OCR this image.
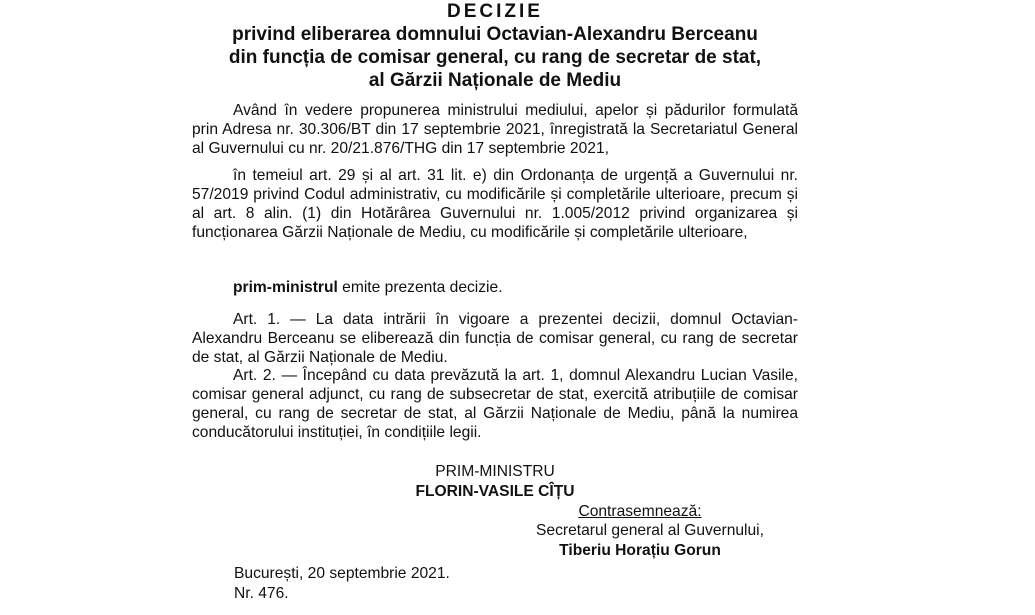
DECIZIE
privind eliberarea domnului Octavian-Alexandru Berceanu
din funcția de comisar general, cu rang de secretar de stat,
al Gărzii Naționale de Mediu
Având în vedere propunerea ministrului mediului, apelor și pădurilor formulată prin Adresa nr. 30.306/BT din 17 septembrie 2021, înregistrată la Secretariatul General al Guvernului cu nr. 20/21.876/THG din 17 septembrie 2021,
în temeiul art. 29 și al art. 31 lit. e) din Ordonanța de urgență a Guvernului nr. 57/2019 privind Codul administrativ, cu modificările și completările ulterioare, precum și al art. 8 alin. (1) din Hotărârea Guvernului nr. 1.005/2012 privind organizarea și funcționarea Gărzii Naționale de Mediu, cu modificările și completările ulterioare,
prim-ministrul emite prezenta decizie.
Art. 1. — La data intrării în vigoare a prezentei decizii, domnul Octavian-Alexandru Berceanu se eliberează din funcția de comisar general, cu rang de secretar de stat, al Gărzii Naționale de Mediu.
Art. 2. — Începând cu data prevăzută la art. 1, domnul Alexandru Lucian Vasile, comisar general adjunct, cu rang de subsecretar de stat, exercită atribuțiile de comisar general, cu rang de secretar de stat, al Gărzii Naționale de Mediu, până la numirea conducătorului instituției, în condițiile legii.
PRIM-MINISTRU
FLORIN-VASILE CÎȚU
Contrasemnează:
Secretarul general al Guvernului,
Tiberiu Horațiu Gorun
București, 20 septembrie 2021.
Nr. 476.
